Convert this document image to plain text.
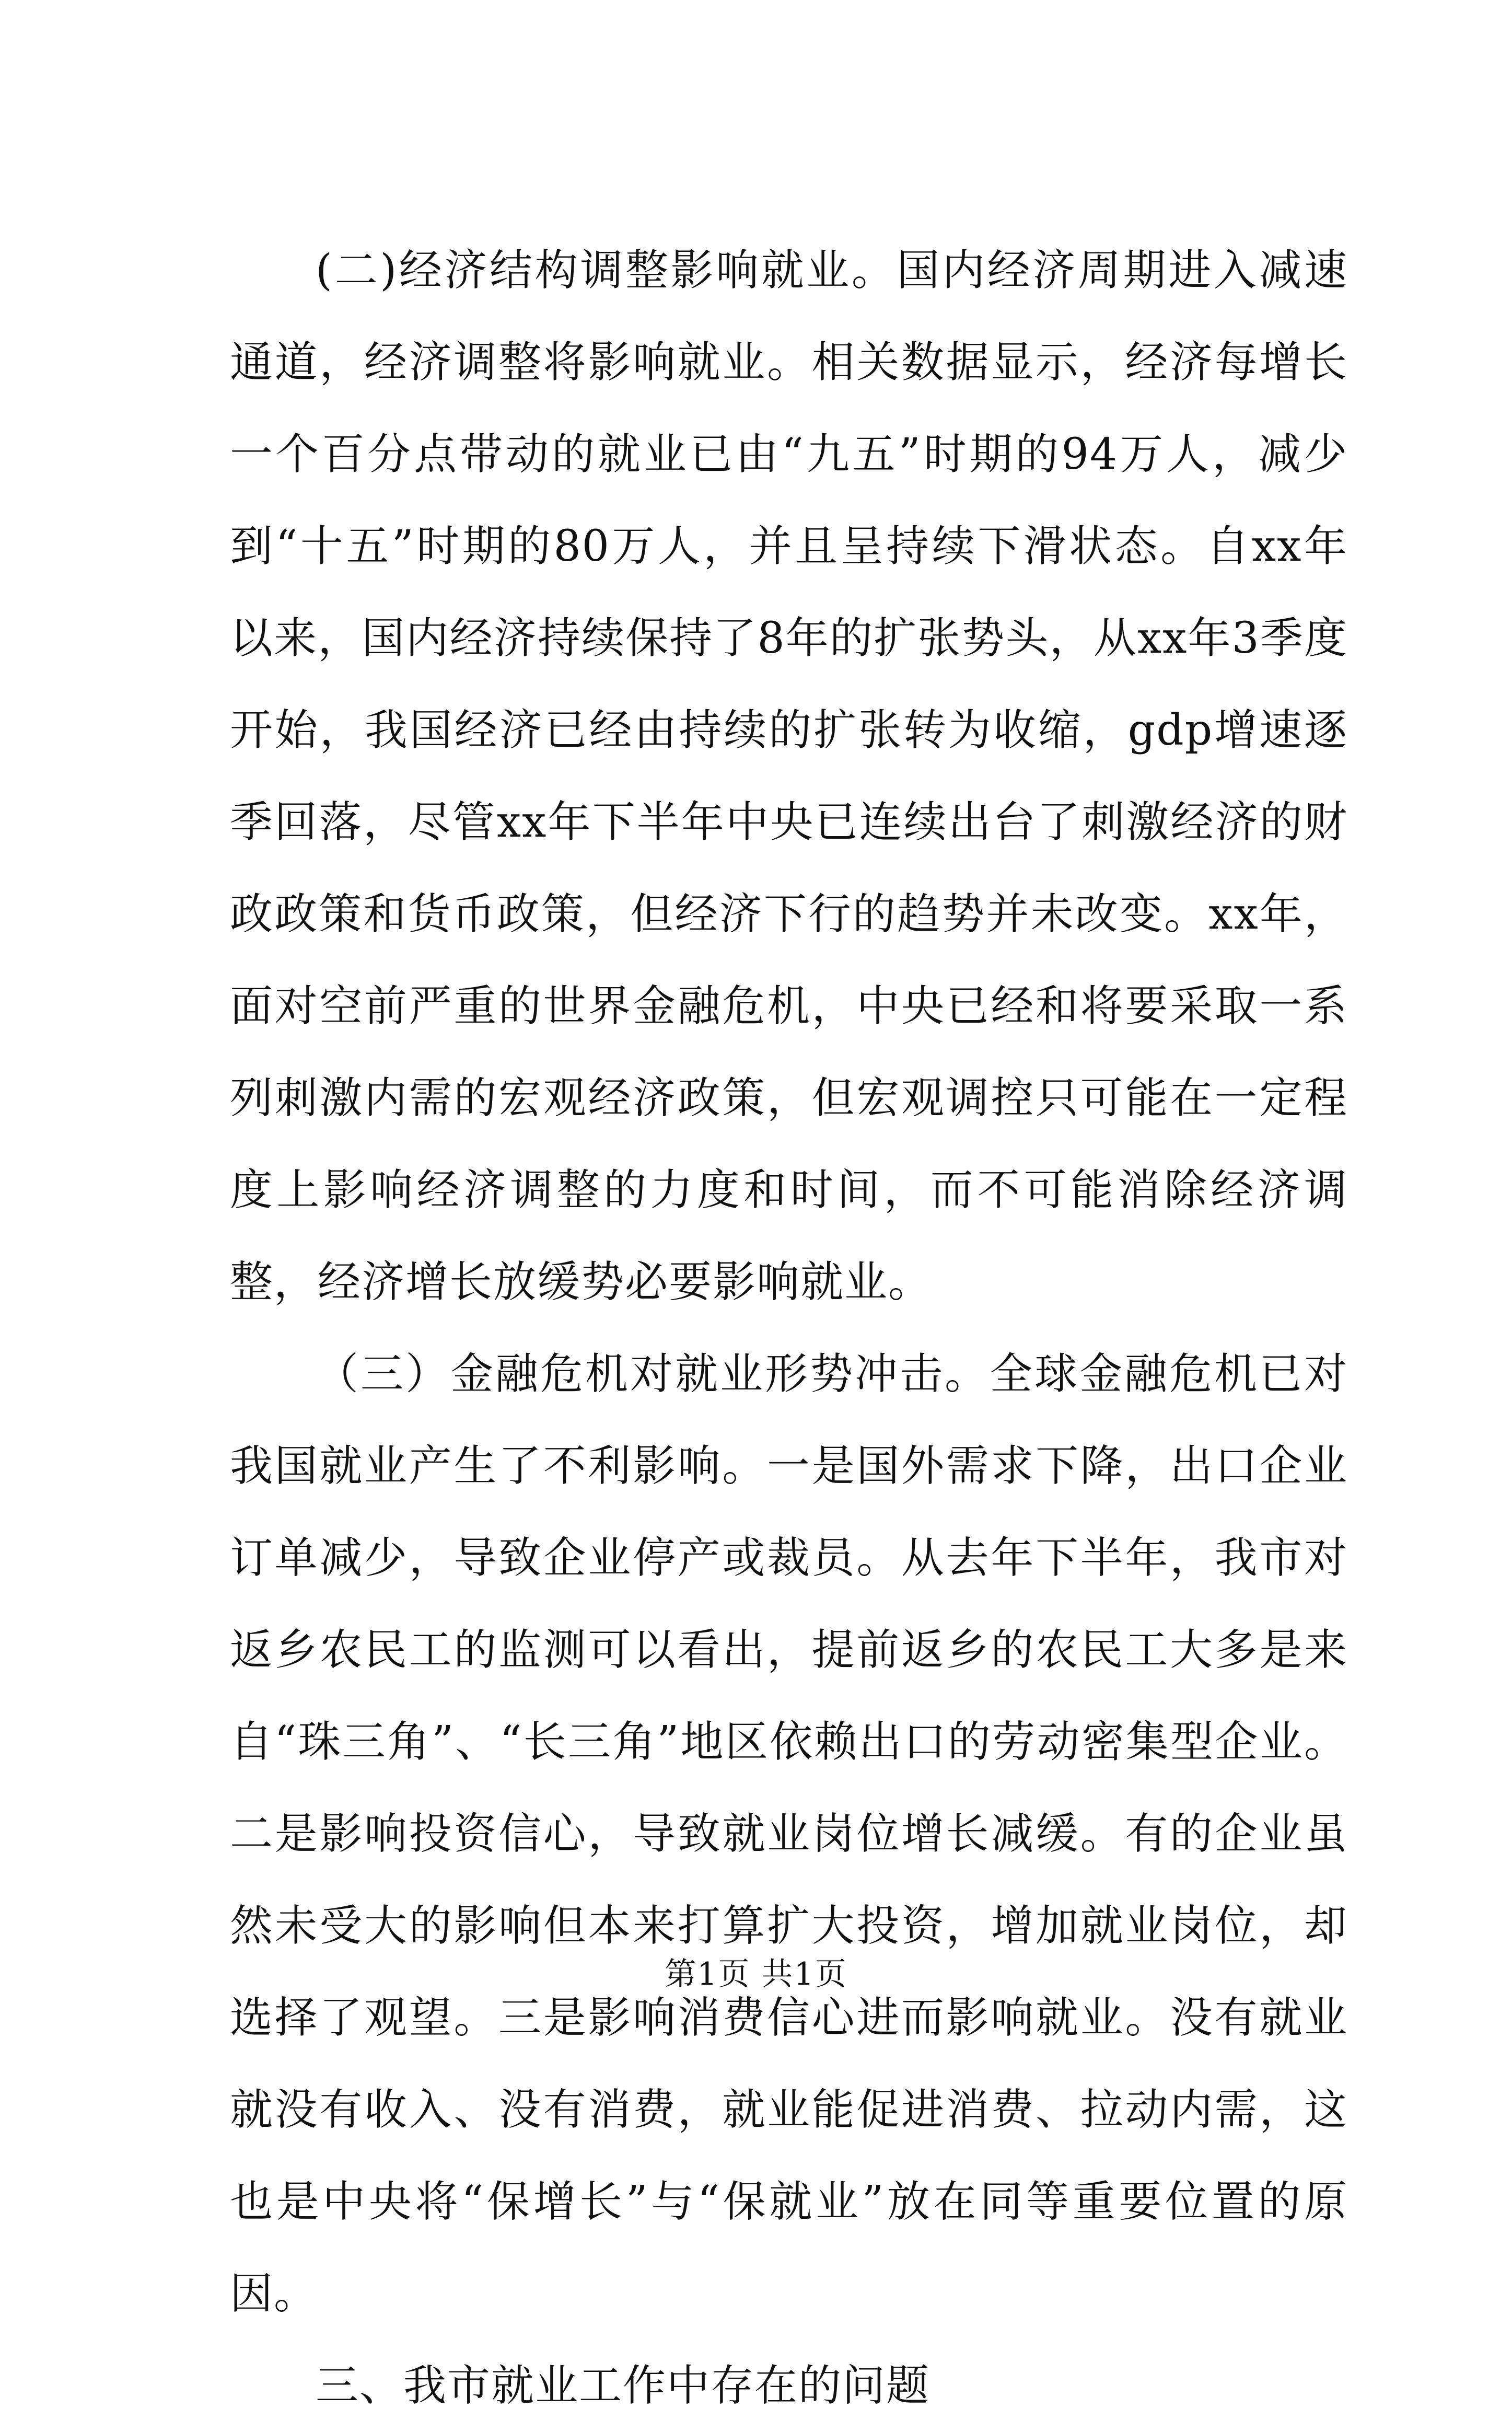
(二)经济结构调整影响就业。国内经济周期进入减速通道，经济调整将影响就业。相关数据显示，经济每增长一个百分点带动的就业已由“九五”时期的94万人，减少到“十五”时期的80万人，并且呈持续下滑状态。自xx年以来，国内经济持续保持了8年的扩张势头，从xx年3季度开始，我国经济已经由持续的扩张转为收缩，gdp增速逐季回落，尽管xx年下半年中央已连续出台了刺激经济的财政政策和货币政策，但经济下行的趋势并未改变。xx年，面对空前严重的世界金融危机，中央已经和将要采取一系列刺激内需的宏观经济政策，但宏观调控只可能在一定程度上影响经济调整的力度和时间，而不可能消除经济调整，经济增长放缓势必要影响就业。

（三）金融危机对就业形势冲击。全球金融危机已对我国就业产生了不利影响。一是国外需求下降，出口企业订单减少，导致企业停产或裁员。从去年下半年，我市对返乡农民工的监测可以看出，提前返乡的农民工大多是来自“珠三角”、“长三角”地区依赖出口的劳动密集型企业。二是影响投资信心，导致就业岗位增长减缓。有的企业虽然未受大的影响但本来打算扩大投资，增加就业岗位，却选择了观望。三是影响消费信心进而影响就业。没有就业就没有收入、没有消费，就业能促进消费、拉动内需，这也是中央将“保增长”与“保就业”放在同等重要位置的原因。

三、我市就业工作中存在的问题

第1页 共1页
